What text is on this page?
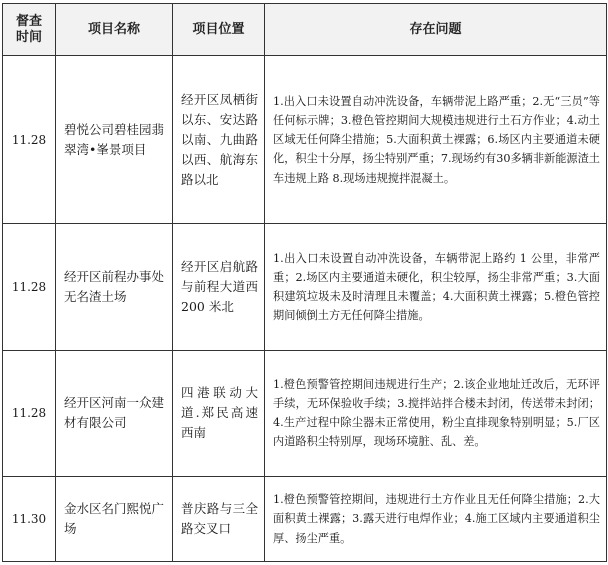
督查时间	项目名称	项目位置	存在问题
11.28	碧悦公司碧桂园翡翠湾•峯景项目	经开区凤栖街以东、安达路以南、九曲路以西、航海东路以北	1.出入口未设置自动冲洗设备，车辆带泥上路严重；2.无“三员”等任何标示牌；3.橙色管控期间大规模违规进行土石方作业；4.动土区域无任何降尘措施；5.大面积黄土裸露；6.场区内主要通道未硬化，积尘十分厚，扬尘特别严重；7.现场约有30多辆非新能源渣土车违规上路 8.现场违规搅拌混凝土。
11.28	经开区前程办事处无名渣土场	经开区启航路与前程大道西 200 米北	1.出入口未设置自动冲洗设备，车辆带泥上路约 1 公里，非常严重；2.场区内主要通道未硬化，积尘较厚，扬尘非常严重；3.大面积建筑垃圾未及时清理且未覆盖；4.大面积黄土裸露；5.橙色管控期间倾倒土方无任何降尘措施。
11.28	经开区河南一众建材有限公司	四港联动大道.郑民高速西南	1.橙色预警管控期间违规进行生产；2.该企业地址迁改后，无环评手续，无环保验收手续；3.搅拌站拌合楼未封闭，传送带未封闭；4.生产过程中除尘器未正常使用，粉尘直排现象特别明显；5.厂区内道路积尘特别厚，现场环境脏、乱、差。
11.30	金水区名门熙悦广场	普庆路与三全路交叉口	1.橙色预警管控期间，违规进行土方作业且无任何降尘措施；2.大面积黄土裸露；3.露天进行电焊作业；4.施工区域内主要通道积尘厚、扬尘严重。
